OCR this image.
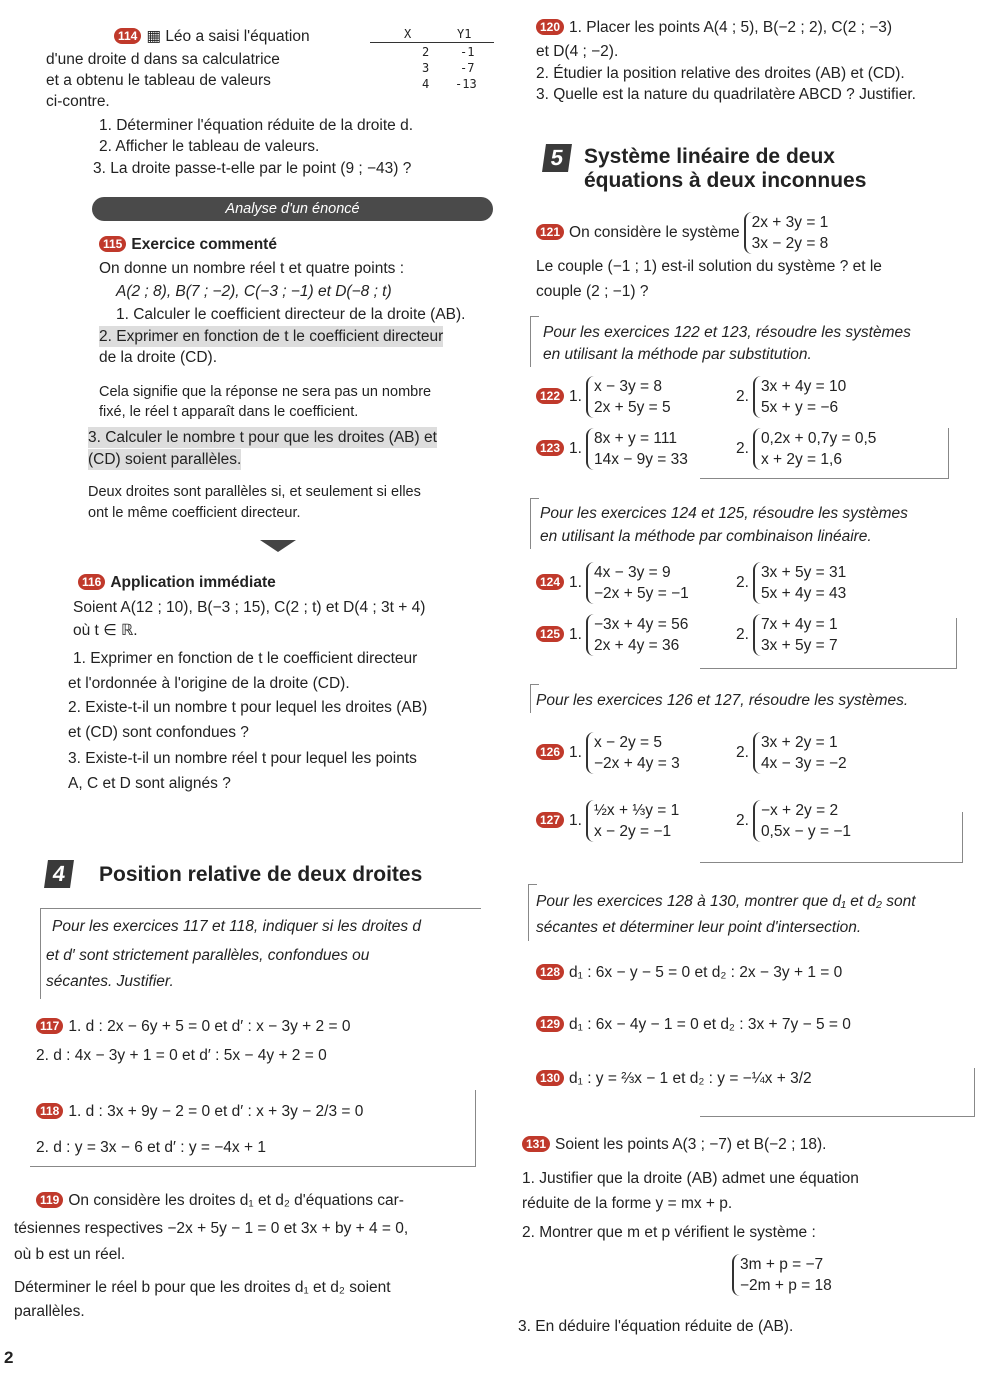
114 ▦ Léo a saisi l'équation
d'une droite d dans sa calculatrice
et a obtenu le tableau de valeurs
ci-contre.
X	Y1
2	-1
3	-7
4 -13
1. Déterminer l'équation réduite de la droite d.
2. Afficher le tableau de valeurs.
3. La droite passe-t-elle par le point (9 ; −43) ?
Analyse d'un énoncé
115 Exercice commenté
On donne un nombre réel t et quatre points :
A(2 ; 8), B(7 ; −2), C(−3 ; −1) et D(−8 ; t)
1. Calculer le coefficient directeur de la droite (AB).
2. Exprimer en fonction de t le coefficient directeur
de la droite (CD).
Cela signifie que la réponse ne sera pas un nombre
fixé, le réel t apparaît dans le coefficient.
3. Calculer le nombre t pour que les droites (AB) et
(CD) soient parallèles.
Deux droites sont parallèles si, et seulement si elles
ont le même coefficient directeur.
116 Application immédiate
Soient A(12 ; 10), B(−3 ; 15), C(2 ; t) et D(4 ; 3t + 4)
où t ∈ ℝ.
1. Exprimer en fonction de t le coefficient directeur
et l'ordonnée à l'origine de la droite (CD).
2. Existe-t-il un nombre t pour lequel les droites (AB)
et (CD) sont confondues ?
3. Existe-t-il un nombre réel t pour lequel les points
A, C et D sont alignés ?
4	Position relative de deux droites
Pour les exercices 117 et 118, indiquer si les droites d
et d′ sont strictement parallèles, confondues ou
sécantes. Justifier.
117 1. d : 2x − 6y + 5 = 0 et d′ : x − 3y + 2 = 0
2. d : 4x − 3y + 1 = 0 et d′ : 5x − 4y + 2 = 0
118 1. d : 3x + 9y − 2 = 0 et d′ : x + 3y − 2/3 = 0
2. d : y = 3x − 6 et d′ : y = −4x + 1
119 On considère les droites d₁ et d₂ d'équations car-
tésiennes respectives −2x + 5y − 1 = 0 et 3x + by + 4 = 0,
où b est un réel.
Déterminer le réel b pour que les droites d₁ et d₂ soient
parallèles.
2
120 1. Placer les points A(4 ; 5), B(−2 ; 2), C(2 ; −3)
et D(4 ; −2).
2. Étudier la position relative des droites (AB) et (CD).
3. Quelle est la nature du quadrilatère ABCD ? Justifier.
5 Système linéaire de deux
équations à deux inconnues
121 On considère le système2x + 3y = 1
3x − 2y = 8
Le couple (−1 ; 1) est-il solution du système ? et le
couple (2 ; −1) ?
Pour les exercices 122 et 123, résoudre les systèmes
en utilisant la méthode par substitution.
122 1.x − 3y = 8
2x + 5y = 5
2.3x + 4y = 10
5x + y = −6
123 1.8x + y = 111
14x − 9y = 33
2.0,2x + 0,7y = 0,5
x + 2y = 1,6
Pour les exercices 124 et 125, résoudre les systèmes
en utilisant la méthode par combinaison linéaire.
124 1.4x − 3y = 9
−2x + 5y = −1
2.3x + 5y = 31
5x + 4y = 43
125 1.−3x + 4y = 56
2x + 4y = 36
2.7x + 4y = 1
3x + 5y = 7
Pour les exercices 126 et 127, résoudre les systèmes.
126 1.x − 2y = 5
−2x + 4y = 3
2.3x + 2y = 1
4x − 3y = −2
127 1.½x + ⅓y = 1
x − 2y = −1
2.−x + 2y = 2
0,5x − y = −1
Pour les exercices 128 à 130, montrer que d₁ et d₂ sont
sécantes et déterminer leur point d'intersection.
128 d₁ : 6x − y − 5 = 0 et d₂ : 2x − 3y + 1 = 0
129 d₁ : 6x − 4y − 1 = 0 et d₂ : 3x + 7y − 5 = 0
130 d₁ : y = ⅔x − 1 et d₂ : y = −¼x + 3/2
131 Soient les points A(3 ; −7) et B(−2 ; 18).
1. Justifier que la droite (AB) admet une équation
réduite de la forme y = mx + p.
2. Montrer que m et p vérifient le système :
3m + p = −7
−2m + p = 18
3. En déduire l'équation réduite de (AB).
